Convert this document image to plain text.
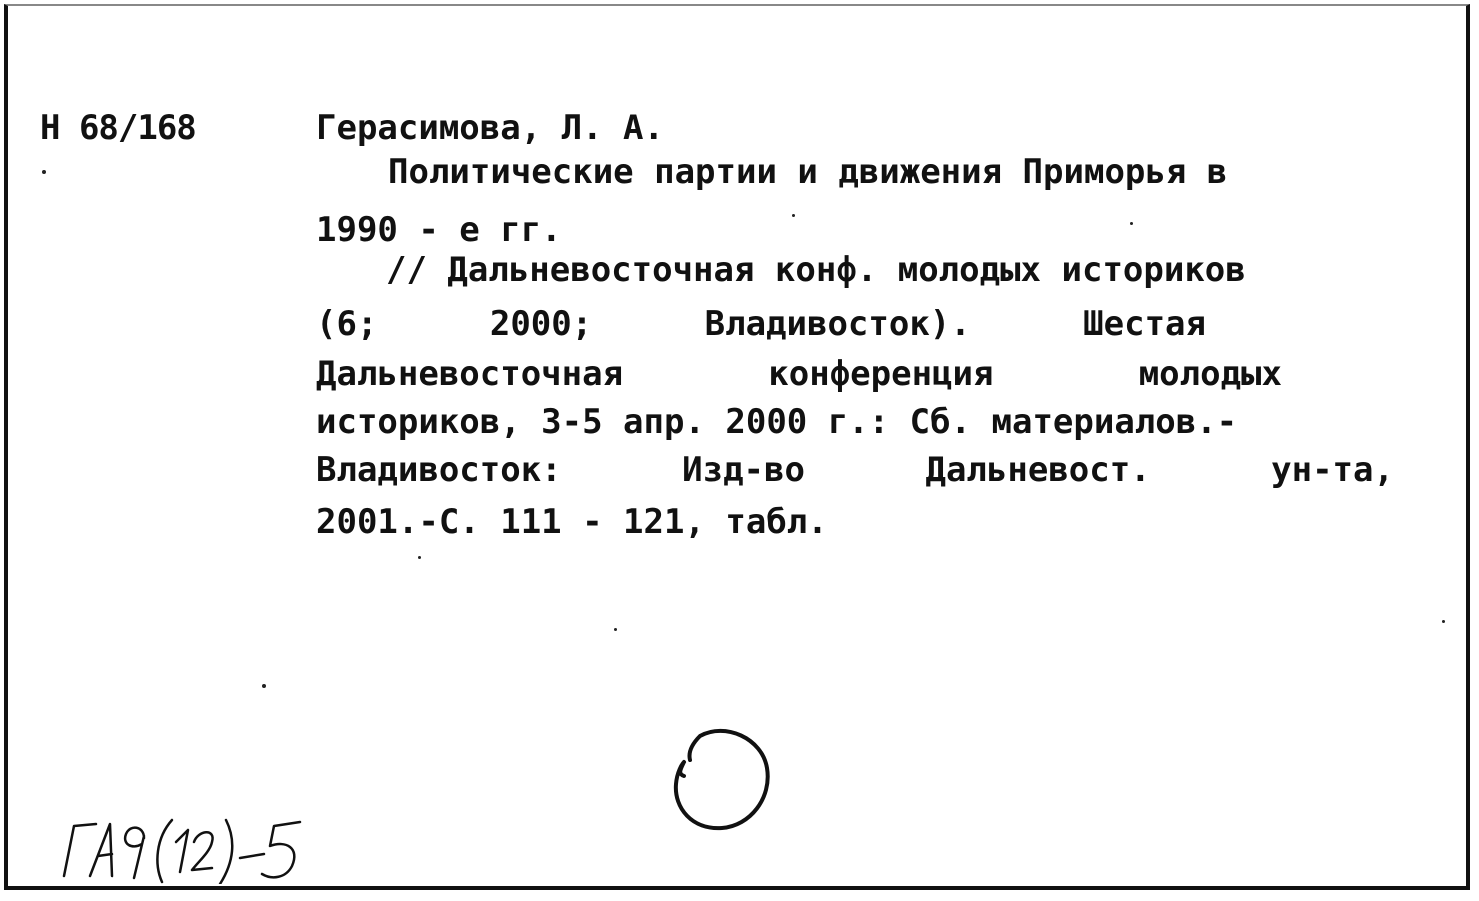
Н 68/168	Герасимова, Л. А.
Политические партии и движения Приморья в
1990 - е гг.
// Дальневосточная конф. молодых историков
(6;	2000;	Владивосток).	Шестая
Дальневосточная	конференция	молодых
историков, 3-5 апр. 2000 г.: Сб. материалов.-
Владивосток:	Изд-во	Дальневост.	ун-та,
2001.-С. 111 - 121, табл.
